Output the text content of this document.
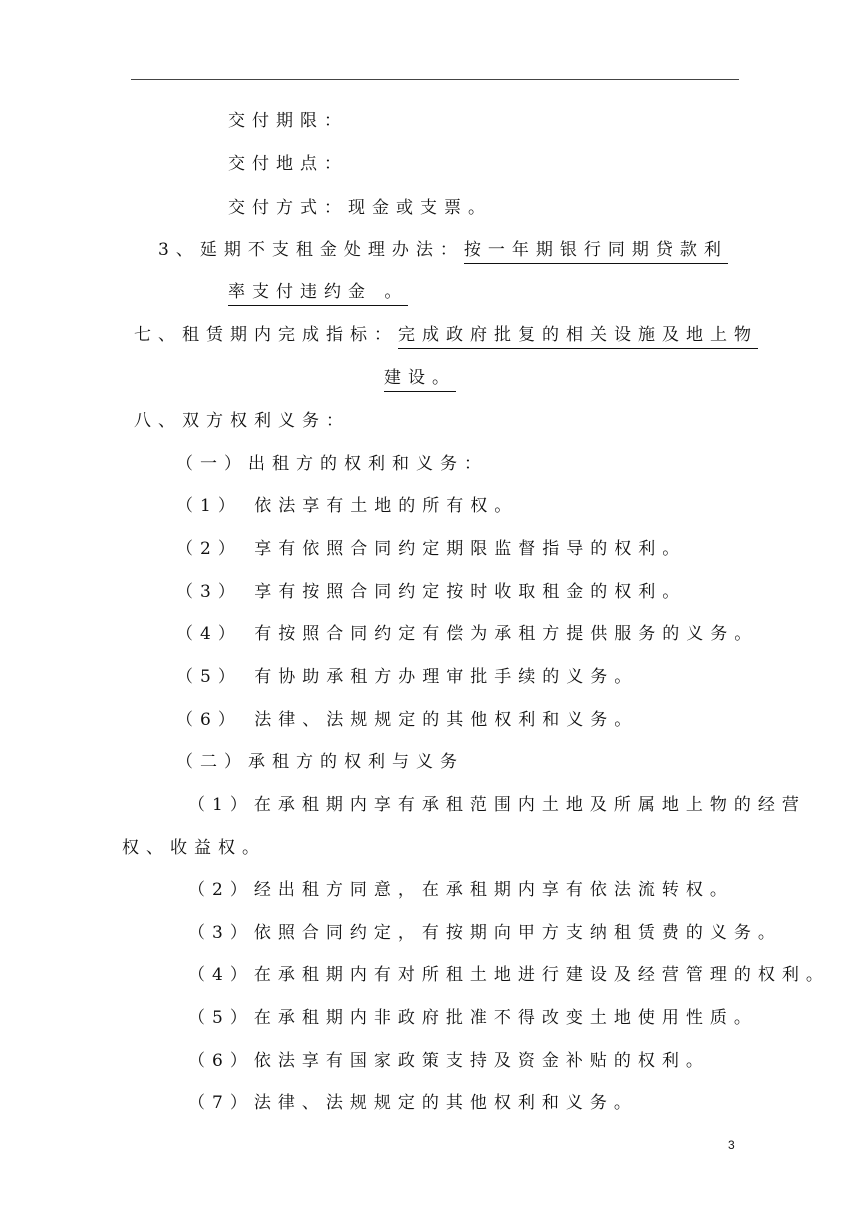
交付期限：
交付地点：
交付方式：现金或支票。
3、延期不支租金处理办法：按一年期银行同期贷款利
率支付违约金 。
七、租赁期内完成指标：完成政府批复的相关设施及地上物
建设。
八、双方权利义务：
（一）出租方的权利和义务：
（1） 依法享有土地的所有权。
（2） 享有依照合同约定期限监督指导的权利。
（3） 享有按照合同约定按时收取租金的权利。
（4） 有按照合同约定有偿为承租方提供服务的义务。
（5） 有协助承租方办理审批手续的义务。
（6） 法律、法规规定的其他权利和义务。
（二）承租方的权利与义务
（1）在承租期内享有承租范围内土地及所属地上物的经营
权、收益权。
（2）经出租方同意，在承租期内享有依法流转权。
（3）依照合同约定，有按期向甲方支纳租赁费的义务。
（4）在承租期内有对所租土地进行建设及经营管理的权利。
（5）在承租期内非政府批准不得改变土地使用性质。
（6）依法享有国家政策支持及资金补贴的权利。
（7）法律、法规规定的其他权利和义务。
3
